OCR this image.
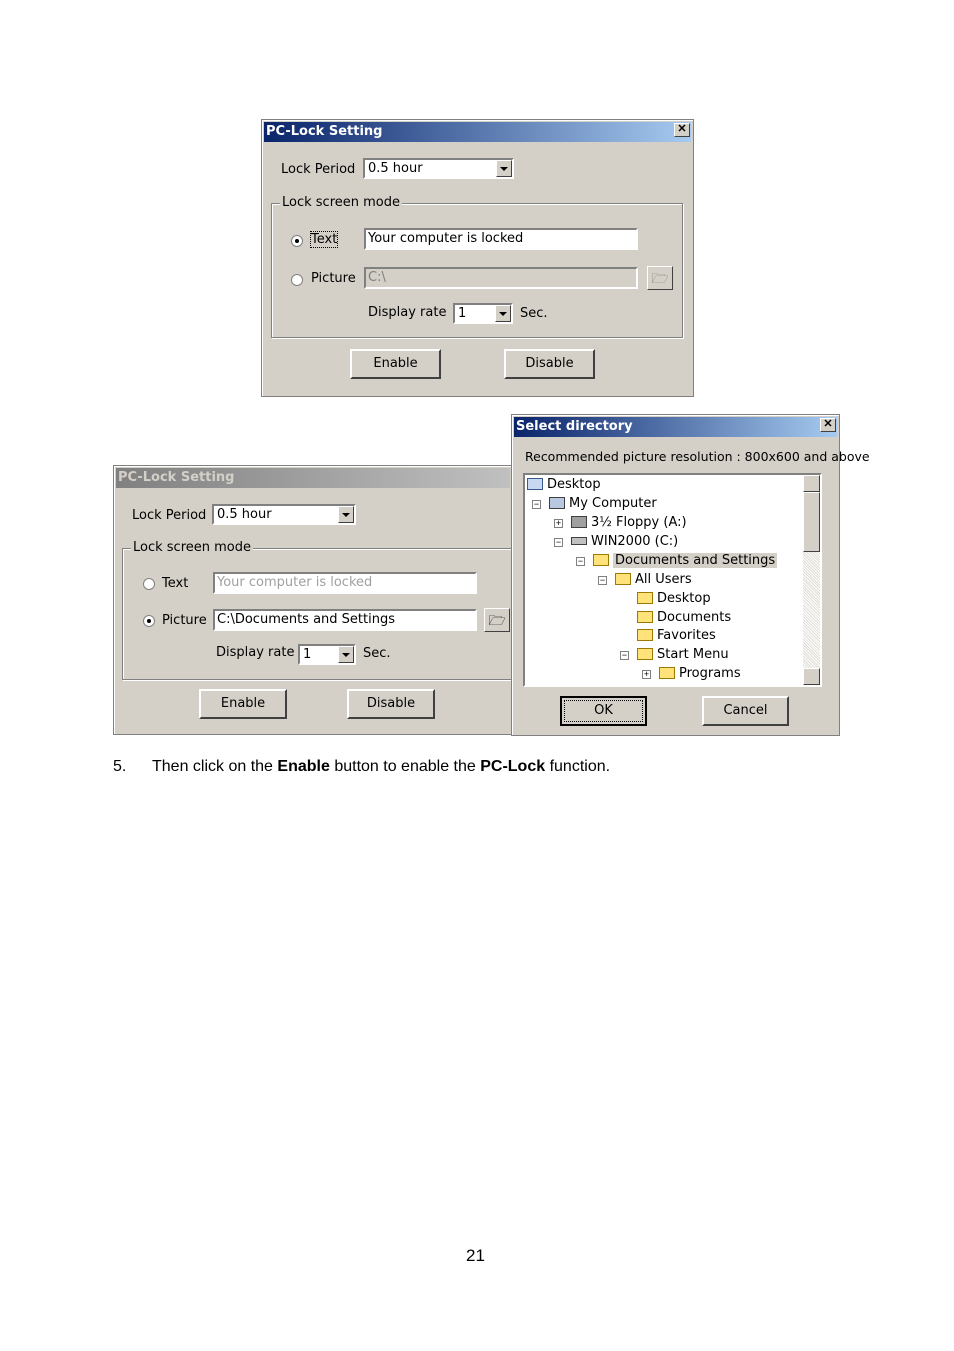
PC-Lock Setting	✕
Lock Period 0.5 hour
Lock screen mode
Text	Your computer is locked
Picture C:\	🗁
Display rate 1	Sec.
Enable	Disable
PC-Lock Setting
Lock Period 0.5 hour
Lock screen mode
Text	Your computer is locked
Picture C:\Documents and Settings	🗁
Display rate 1	Sec.
Enable	Disable
Select directory	✕
Recommended picture resolution : 800x600 and above
Desktop
−	My Computer
+	3½ Floppy (A:)
−	WIN2000 (C:)
−	Documents and Settings
−	All Users
Desktop
Documents
Favorites
−	Start Menu
+	Programs
OK	Cancel
5. Then click on the Enable button to enable the PC-Lock function.
21
